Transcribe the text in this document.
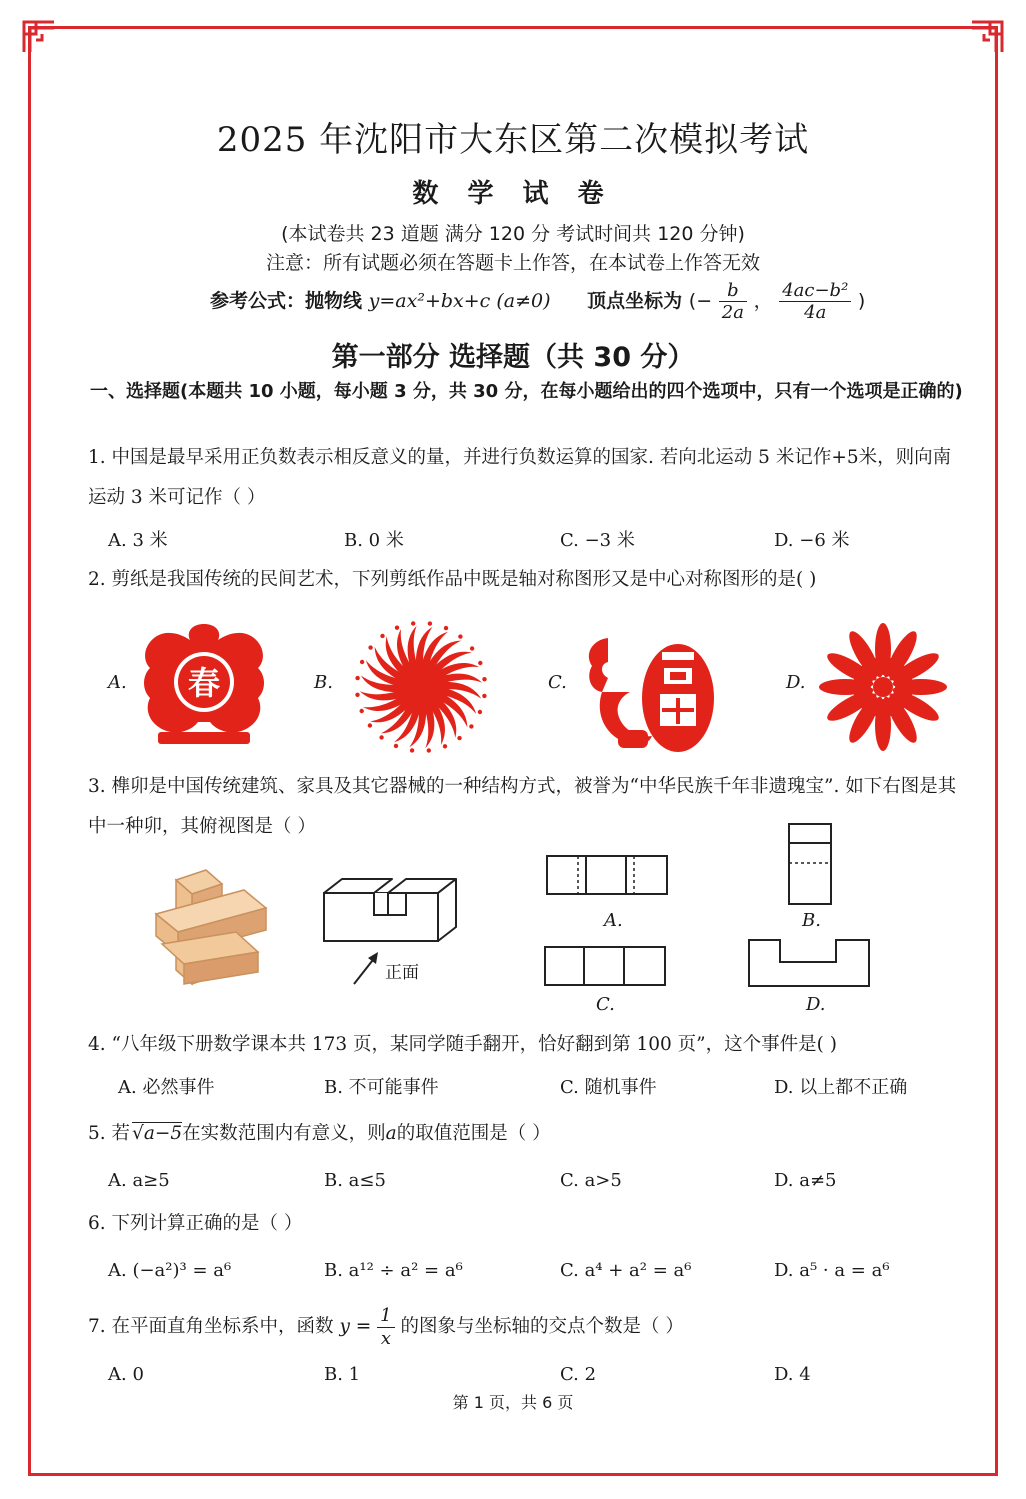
2025 年沈阳市大东区第二次模拟考试
数 学 试 卷
(本试卷共 23 道题 满分 120 分 考试时间共 120 分钟)
注意：所有试题必须在答题卡上作答，在本试卷上作答无效
参考公式：抛物线 y=ax²+bx+c (a≠0) 顶点坐标为 (− $\frac{b}{2a}$ ， $\frac{\text{4ac−b²}}{4a}$ )
第一部分 选择题（共 30 分）
一、选择题(本题共 10 小题，每小题 3 分，共 30 分，在每小题给出的四个选项中，只有一个选项是正确的)
1. 中国是最早采用正负数表示相反意义的量，并进行负数运算的国家. 若向北运动 5 米记作+5米，则向南运动 3 米可记作（ ）
A. 3 米	B. 0 米	C. −3 米	D. −6 米
2. 剪纸是我国传统的民间艺术，下列剪纸作品中既是轴对称图形又是中心对称图形的是( )
A. 春	B.	C.	D.
3. 榫卯是中国传统建筑、家具及其它器械的一种结构方式，被誉为“中华民族千年非遗瑰宝”. 如下右图是其中一种卯，其俯视图是（ ）
正面
A.	B.
C.	D.
4. “八年级下册数学课本共 173 页，某同学随手翻开，恰好翻到第 100 页”，这个事件是( )
A. 必然事件	B. 不可能事件	C. 随机事件	D. 以上都不正确
5. 若 √a−5在实数范围内有意义，则a的取值范围是（ ）
A. a≥5	B. a≤5	C. a>5	D. a≠5
6. 下列计算正确的是（ ）
A. (−a²)³ = a⁶	B. a¹² ÷ a² = a⁶	C. a⁴ + a² = a⁶	D. a⁵ · a = a⁶
7. 在平面直角坐标系中，函数 $y = \frac{1}{x}$ 的图象与坐标轴的交点个数是（ ）
A. 0	B. 1	C. 2	D. 4
第 1 页，共 6 页
